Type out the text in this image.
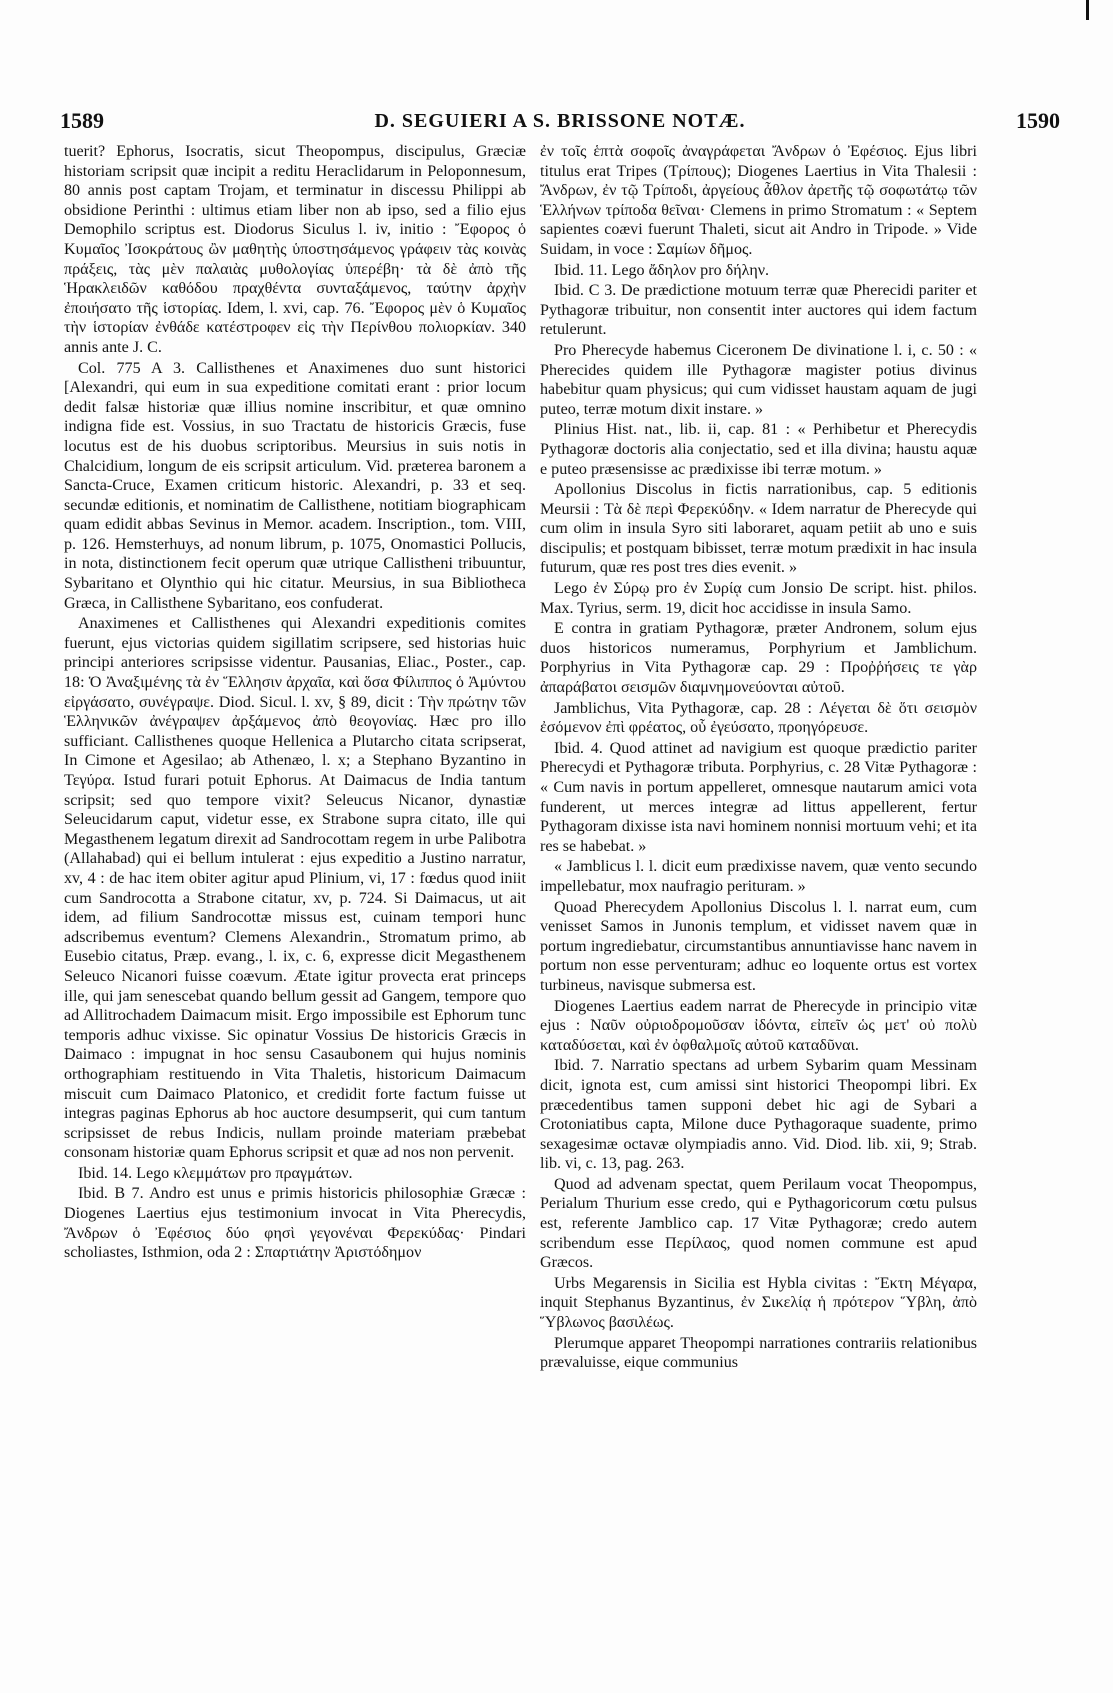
1589	D. SEGUIERI A S. BRISSONE NOTÆ.	1590

tuerit? Ephorus, Isocratis, sicut Theopompus, discipulus, Græciæ historiam scripsit quæ incipit a reditu Heraclidarum in Peloponnesum, 80 annis post captam Trojam, et terminatur in discessu Philippi ab obsidione Perinthi : ultimus etiam liber non ab ipso, sed a filio ejus Demophilo scriptus est. Diodorus Siculus l. iv, initio : Ἔφορος ὁ Κυμαῖος Ἰσοκράτους ὢν μαθητὴς ὑποστησάμενος γράφειν τὰς κοινὰς πράξεις, τὰς μὲν παλαιὰς μυθολογίας ὑπερέβη· τὰ δὲ ἀπὸ τῆς Ἡρακλειδῶν καθόδου πραχθέντα συνταξάμενος, ταύτην ἀρχὴν ἐποιήσατο τῆς ἱστορίας. Idem, l. xvi, cap. 76. Ἔφορος μὲν ὁ Κυμαῖος τὴν ἱστορίαν ἐνθάδε κατέστροφεν εἰς τὴν Περίνθου πολιορκίαν. 340 annis ante J. C.

Col. 775 A 3. Callisthenes et Anaximenes duo sunt historici [Alexandri, qui eum in sua expeditione comitati erant : prior locum dedit falsæ historiæ quæ illius nomine inscribitur, et quæ omnino indigna fide est. Vossius, in suo Tractatu de historicis Græcis, fuse locutus est de his duobus scriptoribus. Meursius in suis notis in Chalcidium, longum de eis scripsit articulum. Vid. præterea baronem a Sancta-Cruce, Examen criticum historic. Alexandri, p. 33 et seq. secundæ editionis, et nominatim de Callisthene, notitiam biographicam quam edidit abbas Sevinus in Memor. academ. Inscription., tom. VIII, p. 126. Hemsterhuys, ad nonum librum, p. 1075, Onomastici Pollucis, in nota, distinctionem fecit operum quæ utrique Callistheni tribuuntur, Sybaritano et Olynthio qui hic citatur. Meursius, in sua Bibliotheca Græca, in Callisthene Sybaritano, eos confuderat.

Anaximenes et Callisthenes qui Alexandri expeditionis comites fuerunt, ejus victorias quidem sigillatim scripsere, sed historias huic principi anteriores scripsisse videntur. Pausanias, Eliac., Poster., cap. 18: Ὁ Ἀναξιμένης τὰ ἐν Ἕλλησιν ἀρχαῖα, καὶ ὅσα Φίλιππος ὁ Ἀμύντου εἰργάσατο, συνέγραψε. Diod. Sicul. l. xv, § 89, dicit : Τὴν πρώτην τῶν Ἑλληνικῶν ἀνέγραψεν ἀρξάμενος ἀπὸ θεογονίας. Hæc pro illo sufficiant. Callisthenes quoque Hellenica a Plutarcho citata scripserat, In Cimone et Agesilao; ab Athenæo, l. x; a Stephano Byzantino in Τεγύρα. Istud furari potuit Ephorus. At Daimacus de India tantum scripsit; sed quo tempore vixit? Seleucus Nicanor, dynastiæ Seleucidarum caput, videtur esse, ex Strabone supra citato, ille qui Megasthenem legatum direxit ad Sandrocottam regem in urbe Palibotra (Allahabad) qui ei bellum intulerat : ejus expeditio a Justino narratur, xv, 4 : de hac item obiter agitur apud Plinium, vi, 17 : fœdus quod iniit cum Sandrocotta a Strabone citatur, xv, p. 724. Si Daimacus, ut ait idem, ad filium Sandrocottæ missus est, cuinam tempori hunc adscribemus eventum? Clemens Alexandrin., Stromatum primo, ab Eusebio citatus, Præp. evang., l. ix, c. 6, expresse dicit Megasthenem Seleuco Nicanori fuisse coævum. Ætate igitur provecta erat princeps ille, qui jam senescebat quando bellum gessit ad Gangem, tempore quo ad Allitrochadem Daimacum misit. Ergo impossibile est Ephorum tunc temporis adhuc vixisse. Sic opinatur Vossius De historicis Græcis in Daimaco : impugnat in hoc sensu Casaubonem qui hujus nominis orthographiam restituendo in Vita Thaletis, historicum Daimacum miscuit cum Daimaco Platonico, et credidit forte factum fuisse ut integras paginas Ephorus ab hoc auctore desumpserit, qui cum tantum scripsisset de rebus Indicis, nullam proinde materiam præbebat consonam historiæ quam Ephorus scripsit et quæ ad nos non pervenit.

Ibid. 14. Lego κλεμμάτων pro πραγμάτων.

Ibid. B 7. Andro est unus e primis historicis philosophiæ Græcæ : Diogenes Laertius ejus testimonium invocat in Vita Pherecydis, Ἄνδρων ὁ Ἐφέσιος δύο φησὶ γεγονέναι Φερεκύδας· Pindari scholiastes, Isthmion, oda 2 : Σπαρτιάτην Ἀριστόδημον

ἐν τοῖς ἑπτὰ σοφοῖς ἀναγράφεται Ἄνδρων ὁ Ἐφέσιος. Ejus libri titulus erat Tripes (Τρίπους); Diogenes Laertius in Vita Thalesii : Ἄνδρων, ἐν τῷ Τρίποδι, ἀργείους ἆθλον ἀρετῆς τῷ σοφωτάτῳ τῶν Ἑλλήνων τρίποδα θεῖναι· Clemens in primo Stromatum : « Septem sapientes coævi fuerunt Thaleti, sicut ait Andro in Tripode. » Vide Suidam, in voce : Σαμίων δῆμος.

Ibid. 11. Lego ἄδηλον pro δήλην.

Ibid. C 3. De prædictione motuum terræ quæ Pherecidi pariter et Pythagoræ tribuitur, non consentit inter auctores qui idem factum retulerunt.

Pro Pherecyde habemus Ciceronem De divinatione l. i, c. 50 : « Pherecides quidem ille Pythagoræ magister potius divinus habebitur quam physicus; qui cum vidisset haustam aquam de jugi puteo, terræ motum dixit instare. »

Plinius Hist. nat., lib. ii, cap. 81 : « Perhibetur et Pherecydis Pythagoræ doctoris alia conjectatio, sed et illa divina; haustu aquæ e puteo præsensisse ac prædixisse ibi terræ motum. »

Apollonius Discolus in fictis narrationibus, cap. 5 editionis Meursii : Τὰ δὲ περὶ Φερεκύδην. « Idem narratur de Pherecyde qui cum olim in insula Syro siti laboraret, aquam petiit ab uno e suis discipulis; et postquam bibisset, terræ motum prædixit in hac insula futurum, quæ res post tres dies evenit. »

Lego ἐν Σύρῳ pro ἐν Συρίᾳ cum Jonsio De script. hist. philos. Max. Tyrius, serm. 19, dicit hoc accidisse in insula Samo.

E contra in gratiam Pythagoræ, præter Andronem, solum ejus duos historicos numeramus, Porphyrium et Jamblichum. Porphyrius in Vita Pythagoræ cap. 29 : Προῤῥήσεις τε γὰρ ἀπαράβατοι σεισμῶν διαμνημονεύονται αὐτοῦ.

Jamblichus, Vita Pythagoræ, cap. 28 : Λέγεται δὲ ὅτι σεισμὸν ἐσόμενον ἐπὶ φρέατος, οὗ ἐγεύσατο, προηγόρευσε.

Ibid. 4. Quod attinet ad navigium est quoque prædictio pariter Pherecydi et Pythagoræ tributa. Porphyrius, c. 28 Vitæ Pythagoræ : « Cum navis in portum appelleret, omnesque nautarum amici vota funderent, ut merces integræ ad littus appellerent, fertur Pythagoram dixisse ista navi hominem nonnisi mortuum vehi; et ita res se habebat. »

« Jamblicus l. l. dicit eum prædixisse navem, quæ vento secundo impellebatur, mox naufragio perituram. »

Quoad Pherecydem Apollonius Discolus l. l. narrat eum, cum venisset Samos in Junonis templum, et vidisset navem quæ in portum ingrediebatur, circumstantibus annuntiavisse hanc navem in portum non esse perventuram; adhuc eo loquente ortus est vortex turbineus, navisque submersa est.

Diogenes Laertius eadem narrat de Pherecyde in principio vitæ ejus : Ναῦν οὐριοδρομοῦσαν ἰδόντα, εἰπεῖν ὡς μετ' οὐ πολὺ καταδύσεται, καὶ ἐν ὀφθαλμοῖς αὐτοῦ καταδῦναι.

Ibid. 7. Narratio spectans ad urbem Sybarim quam Messinam dicit, ignota est, cum amissi sint historici Theopompi libri. Ex præcedentibus tamen supponi debet hic agi de Sybari a Crotoniatibus capta, Milone duce Pythagoraque suadente, primo sexagesimæ octavæ olympiadis anno. Vid. Diod. lib. xii, 9; Strab. lib. vi, c. 13, pag. 263.

Quod ad advenam spectat, quem Perilaum vocat Theopompus, Perialum Thurium esse credo, qui e Pythagoricorum cœtu pulsus est, referente Jamblico cap. 17 Vitæ Pythagoræ; credo autem scribendum esse Περίλαος, quod nomen commune est apud Græcos.

Urbs Megarensis in Sicilia est Hybla civitas : Ἔκτη Μέγαρα, inquit Stephanus Byzantinus, ἐν Σικελίᾳ ἡ πρότερον Ὕβλη, ἀπὸ Ὕβλωνος βασιλέως.

Plerumque apparet Theopompi narrationes contrariis relationibus prævaluisse, eique communius
